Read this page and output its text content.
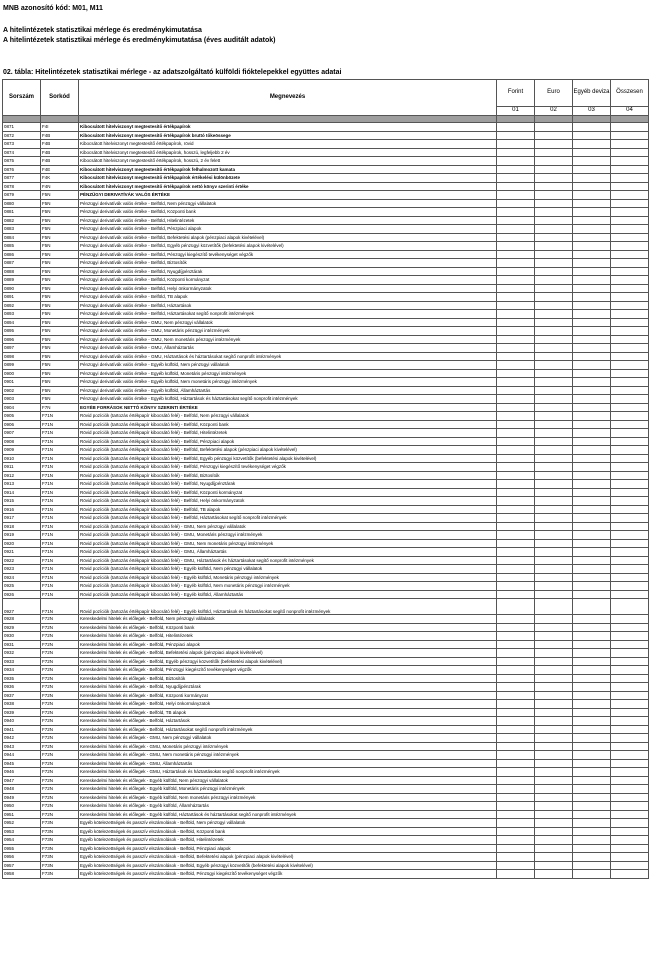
MNB azonosító kód: M01, M11
A hitelintézetek statisztikai mérlege és eredménykimutatása
A hitelintézetek statisztikai mérlege és eredménykimutatása (éves auditált adatok)
02. tábla: Hitelintézetek statisztikai mérlege - az adatszolgáltató külföldi fióktelepekkel együttes adatai
Sorszám	Sorkód	Megnevezés	Forint	Euro	Egyéb deviza	Összesen
			01	02	03	04

0871	F4I	Kibocsátott hitelviszonyt megtestesítő értékpapírok				
0872	F4B	Kibocsátott hitelviszonyt megtestesítő értékpapírok bruttó tőkeössege				
0873	F4B	Kibocsátott hitelviszonyt megtestesítő értékpapírok, rövid				
0874	F4B	Kibocsátott hitelviszonyt megtestesítő értékpapírok, hosszú, legfeljebb 2 év				
0875	F4B	Kibocsátott hitelviszonyt megtestesítő értékpapírok, hosszú, 2 év felett				
0876	F4E	Kibocsátott hitelviszonyt megtestesítő értékpapírok felhalmozott kamata				
0877	F4K	Kibocsátott hitelviszonyt megtestesítő értékpapírok értékelési különbözete				
0878	F4N	Kibocsátott hitelviszonyt megtestesítő értékpapírok nettó könyv szerinti értéke				
0879	F5N	PÉNZÜGYI DERIVATÍVÁK VALÓS ÉRTÉKE				
0880	F5N	Pénzügyi derivatívák valós értéke - Belföld, Nem pénzügyi vállalatok				
0881	F5N	Pénzügyi derivatívák valós értéke - Belföld, Központi bank				
0882	F5N	Pénzügyi derivatívák valós értéke - Belföld, Hitelintézetek				
0883	F5N	Pénzügyi derivatívák valós értéke - Belföld, Pénzpiaci alapok				
0884	F5N	Pénzügyi derivatívák valós értéke - Belföld, Befektetési alapok (pénzpiaci alapok kivételével)				
0885	F5N	Pénzügyi derivatívák valós értéke - Belföld, Egyéb pénzügyi közvetítők (befektetési alapok kivételével)				
0886	F5N	Pénzügyi derivatívák valós értéke - Belföld, Pénzügyi kiegészítő tevékenységet végzők				
0887	F5N	Pénzügyi derivatívák valós értéke - Belföld, Biztosítók				
0888	F5N	Pénzügyi derivatívák valós értéke - Belföld, Nyugdíjpénztárak				
0889	F5N	Pénzügyi derivatívák valós értéke - Belföld, Központi kormányzat				
0890	F5N	Pénzügyi derivatívák valós értéke - Belföld, Helyi önkormányzatok				
0891	F5N	Pénzügyi derivatívák valós értéke - Belföld, TB alapok				
0892	F5N	Pénzügyi derivatívák valós értéke - Belföld, Háztartások				
0893	F5N	Pénzügyi derivatívák valós értéke - Belföld, Háztartásokat segítő nonprofit intézmények				
0894	F5N	Pénzügyi derivatívák valós értéke - GMU, Nem pénzügyi vállalatok				
0895	F5N	Pénzügyi derivatívák valós értéke - GMU, Monetáris pénzügyi intézmények				
0896	F5N	Pénzügyi derivatívák valós értéke - GMU, Nem monetáris pénzügyi intézmények				
0897	F5N	Pénzügyi derivatívák valós értéke - GMU, Államháztartás				
0898	F5N	Pénzügyi derivatívák valós értéke - GMU, Háztartások és háztartásokat segítő nonprofit intézmények				
0899	F5N	Pénzügyi derivatívák valós értéke - Egyéb külföld, Nem pénzügyi vállalatok				
0900	F5N	Pénzügyi derivatívák valós értéke - Egyéb külföld, Monetáris pénzügyi intézmények				
0901	F5N	Pénzügyi derivatívák valós értéke - Egyéb külföld, Nem monetáris pénzügyi intézmények				
0902	F5N	Pénzügyi derivatívák valós értéke - Egyéb külföld, Államháztartás				
0903	F5N	Pénzügyi derivatívák valós értéke - Egyéb külföld, Háztartások és háztartásokat segítő nonprofit intézmények				
0904	F7N	EGYÉB FORRÁSOK NETTÓ KÖNYV SZERINTI ÉRTÉKE				
0905	F71N	Rövid pozíciók (tartozás értékpapír kibocsátó felé) - Belföld, Nem pénzügyi vállalatok				
0906	F71N	Rövid pozíciók (tartozás értékpapír kibocsátó felé) - Belföld, Központi bank				
0907	F71N	Rövid pozíciók (tartozás értékpapír kibocsátó felé) - Belföld, Hitelintézetek				
0908	F71N	Rövid pozíciók (tartozás értékpapír kibocsátó felé) - Belföld, Pénzpiaci alapok				
0909	F71N	Rövid pozíciók (tartozás értékpapír kibocsátó felé) - Belföld, Befektetési alapok (pénzpiaci alapok kivételével)				
0910	F71N	Rövid pozíciók (tartozás értékpapír kibocsátó felé) - Belföld, Egyéb pénzügyi közvetítők (befektetési alapok kivételével)				
0911	F71N	Rövid pozíciók (tartozás értékpapír kibocsátó felé) - Belföld, Pénzügyi kiegészítő tevékenységet végzők				
0912	F71N	Rövid pozíciók (tartozás értékpapír kibocsátó felé) - Belföld, Biztosítók				
0913	F71N	Rövid pozíciók (tartozás értékpapír kibocsátó felé) - Belföld, Nyugdíjpénztárak				
0914	F71N	Rövid pozíciók (tartozás értékpapír kibocsátó felé) - Belföld, Központi kormányzat				
0915	F71N	Rövid pozíciók (tartozás értékpapír kibocsátó felé) - Belföld, Helyi önkormányzatok				
0916	F71N	Rövid pozíciók (tartozás értékpapír kibocsátó felé) - Belföld, TB alapok				
0917	F71N	Rövid pozíciók (tartozás értékpapír kibocsátó felé) - Belföld, Háztartásokat segítő nonprofit intézmények				
0918	F71N	Rövid pozíciók (tartozás értékpapír kibocsátó felé) - GMU, Nem pénzügyi vállalatok				
0919	F71N	Rövid pozíciók (tartozás értékpapír kibocsátó felé) - GMU, Monetáris pénzügyi intézmények				
0920	F71N	Rövid pozíciók (tartozás értékpapír kibocsátó felé) - GMU, Nem monetáris pénzügyi intézmények				
0921	F71N	Rövid pozíciók (tartozás értékpapír kibocsátó felé) - GMU, Államháztartás				
0922	F71N	Rövid pozíciók (tartozás értékpapír kibocsátó felé) - GMU, Háztartások és háztartásokat segítő nonprofit intézmények				
0923	F71N	Rövid pozíciók (tartozás értékpapír kibocsátó felé) - Egyéb külföld, Nem pénzügyi vállalatok				
0924	F71N	Rövid pozíciók (tartozás értékpapír kibocsátó felé) - Egyéb külföld, Monetáris pénzügyi intézmények				
0925	F71N	Rövid pozíciók (tartozás értékpapír kibocsátó felé) - Egyéb külföld, Nem monetáris pénzügyi intézmények				
0926	F71N	Rövid pozíciók (tartozás értékpapír kibocsátó felé) - Egyéb külföld, Államháztartás				
0927	F71N	Rövid pozíciók (tartozás értékpapír kibocsátó felé) - Egyéb külföld, Háztartások és háztartásokat segítő nonprofit intézmények				
0928	F72N	Kereskedelmi hitelek és előlegek - Belföld, Nem pénzügyi vállalatok				
0929	F72N	Kereskedelmi hitelek és előlegek - Belföld, Központi bank				
0930	F72N	Kereskedelmi hitelek és előlegek - Belföld, Hitelintézetek				
0931	F72N	Kereskedelmi hitelek és előlegek - Belföld, Pénzpiaci alapok				
0932	F72N	Kereskedelmi hitelek és előlegek - Belföld, Befektetési alapok (pénzpiaci alapok kivételével)				
0933	F72N	Kereskedelmi hitelek és előlegek - Belföld, Egyéb pénzügyi közvetítők (befektetési alapok kivételével)				
0934	F72N	Kereskedelmi hitelek és előlegek - Belföld, Pénzügyi kiegészítő tevékenységet végzők				
0935	F72N	Kereskedelmi hitelek és előlegek - Belföld, Biztosítók				
0936	F72N	Kereskedelmi hitelek és előlegek - Belföld, Nyugdíjpénztárak				
0937	F72N	Kereskedelmi hitelek és előlegek - Belföld, Központi kormányzat				
0938	F72N	Kereskedelmi hitelek és előlegek - Belföld, Helyi önkormányzatok				
0939	F72N	Kereskedelmi hitelek és előlegek - Belföld, TB alapok				
0940	F72N	Kereskedelmi hitelek és előlegek - Belföld, Háztartások				
0941	F72N	Kereskedelmi hitelek és előlegek - Belföld, Háztartásokat segítő nonprofit intézmények				
0942	F72N	Kereskedelmi hitelek és előlegek - GMU, Nem pénzügyi vállalatok				
0943	F72N	Kereskedelmi hitelek és előlegek - GMU, Monetáris pénzügyi intézmények				
0944	F72N	Kereskedelmi hitelek és előlegek - GMU, Nem monetáris pénzügyi intézmények				
0945	F72N	Kereskedelmi hitelek és előlegek - GMU, Államháztartás				
0946	F72N	Kereskedelmi hitelek és előlegek - GMU, Háztartások és háztartásokat segítő nonprofit intézmények				
0947	F72N	Kereskedelmi hitelek és előlegek - Egyéb külföld, Nem pénzügyi vállalatok				
0948	F72N	Kereskedelmi hitelek és előlegek - Egyéb külföld, Monetáris pénzügyi intézmények				
0949	F72N	Kereskedelmi hitelek és előlegek - Egyéb külföld, Nem monetáris pénzügyi intézmények				
0950	F72N	Kereskedelmi hitelek és előlegek - Egyéb külföld, Államháztartás				
0951	F72N	Kereskedelmi hitelek és előlegek - Egyéb külföld, Háztartások és háztartásokat segítő nonprofit intézmények				
0952	F73N	Egyéb kötelezettségek és passzív elszámolások - Belföld, Nem pénzügyi vállalatok				
0953	F73N	Egyéb kötelezettségek és passzív elszámolások - Belföld, Központi bank				
0954	F73N	Egyéb kötelezettségek és passzív elszámolások - Belföld, Hitelintézetek				
0955	F73N	Egyéb kötelezettségek és passzív elszámolások - Belföld, Pénzpiaci alapok				
0956	F73N	Egyéb kötelezettségek és passzív elszámolások - Belföld, Befektetési alapok (pénzpiaci alapok kivételével)				
0957	F73N	Egyéb kötelezettségek és passzív elszámolások - Belföld, Egyéb pénzügyi közvetítők (befektetési alapok kivételével)				
0958	F73N	Egyéb kötelezettségek és passzív elszámolások - Belföld, Pénzügyi kiegészítő tevékenységet végzők				
